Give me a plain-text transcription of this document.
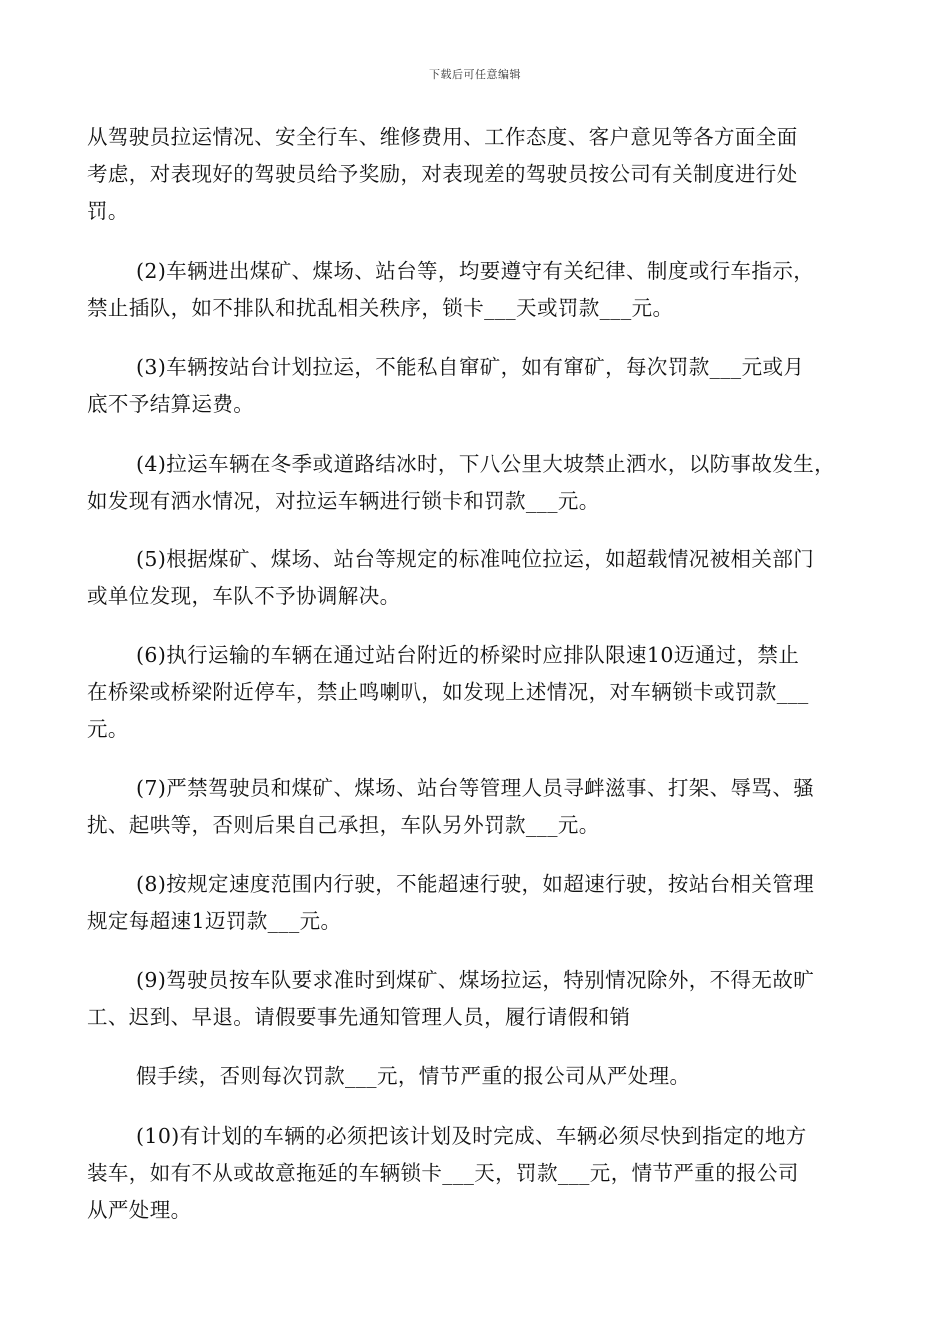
下载后可任意编辑
从驾驶员拉运情况、安全行车、维修费用、工作态度、客户意见等各方面全面
考虑，对表现好的驾驶员给予奖励，对表现差的驾驶员按公司有关制度进行处
罚。
(2)车辆进出煤矿、煤场、站台等，均要遵守有关纪律、制度或行车指示，
禁止插队，如不排队和扰乱相关秩序，锁卡___天或罚款___元。
(3)车辆按站台计划拉运，不能私自窜矿，如有窜矿，每次罚款___元或月
底不予结算运费。
(4)拉运车辆在冬季或道路结冰时，下八公里大坡禁止洒水，以防事故发生，
如发现有洒水情况，对拉运车辆进行锁卡和罚款___元。
(5)根据煤矿、煤场、站台等规定的标准吨位拉运，如超载情况被相关部门
或单位发现，车队不予协调解决。
(6)执行运输的车辆在通过站台附近的桥梁时应排队限速10迈通过，禁止
在桥梁或桥梁附近停车，禁止鸣喇叭，如发现上述情况，对车辆锁卡或罚款___
元。
(7)严禁驾驶员和煤矿、煤场、站台等管理人员寻衅滋事、打架、辱骂、骚
扰、起哄等，否则后果自己承担，车队另外罚款___元。
(8)按规定速度范围内行驶，不能超速行驶，如超速行驶，按站台相关管理
规定每超速1迈罚款___元。
(9)驾驶员按车队要求准时到煤矿、煤场拉运，特别情况除外，不得无故旷
工、迟到、早退。请假要事先通知管理人员，履行请假和销
假手续，否则每次罚款___元，情节严重的报公司从严处理。
(10)有计划的车辆的必须把该计划及时完成、车辆必须尽快到指定的地方
装车，如有不从或故意拖延的车辆锁卡___天，罚款___元，情节严重的报公司
从严处理。
